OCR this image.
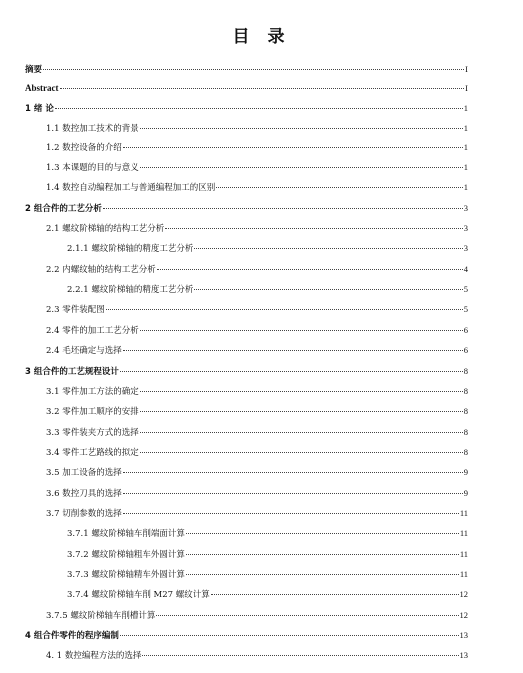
目 录
摘要	I
Abstract	I
1 绪 论	1
1.1 数控加工技术的背景	1
1.2 数控设备的介绍	1
1.3 本课题的目的与意义	1
1.4 数控自动编程加工与普通编程加工的区别	1
2 组合件的工艺分析	3
2.1 螺纹阶梯轴的结构工艺分析	3
2.1.1 螺纹阶梯轴的精度工艺分析	3
2.2 内螺纹轴的结构工艺分析	4
2.2.1 螺纹阶梯轴的精度工艺分析	5
2.3 零件装配图	5
2.4 零件的加工工艺分析	6
2.4 毛坯确定与选择	6
3 组合件的工艺规程设计	8
3.1 零件加工方法的确定	8
3.2 零件加工顺序的安排	8
3.3 零件装夹方式的选择	8
3.4 零件工艺路线的拟定	8
3.5 加工设备的选择	9
3.6 数控刀具的选择	9
3.7 切削参数的选择	11
3.7.1 螺纹阶梯轴车削端面计算	11
3.7.2 螺纹阶梯轴粗车外圆计算	11
3.7.3 螺纹阶梯轴精车外圆计算	11
3.7.4 螺纹阶梯轴车削 M27 螺纹计算	12
3.7.5 螺纹阶梯轴车削槽计算	12
4 组合件零件的程序编制	13
4. 1 数控编程方法的选择	13
